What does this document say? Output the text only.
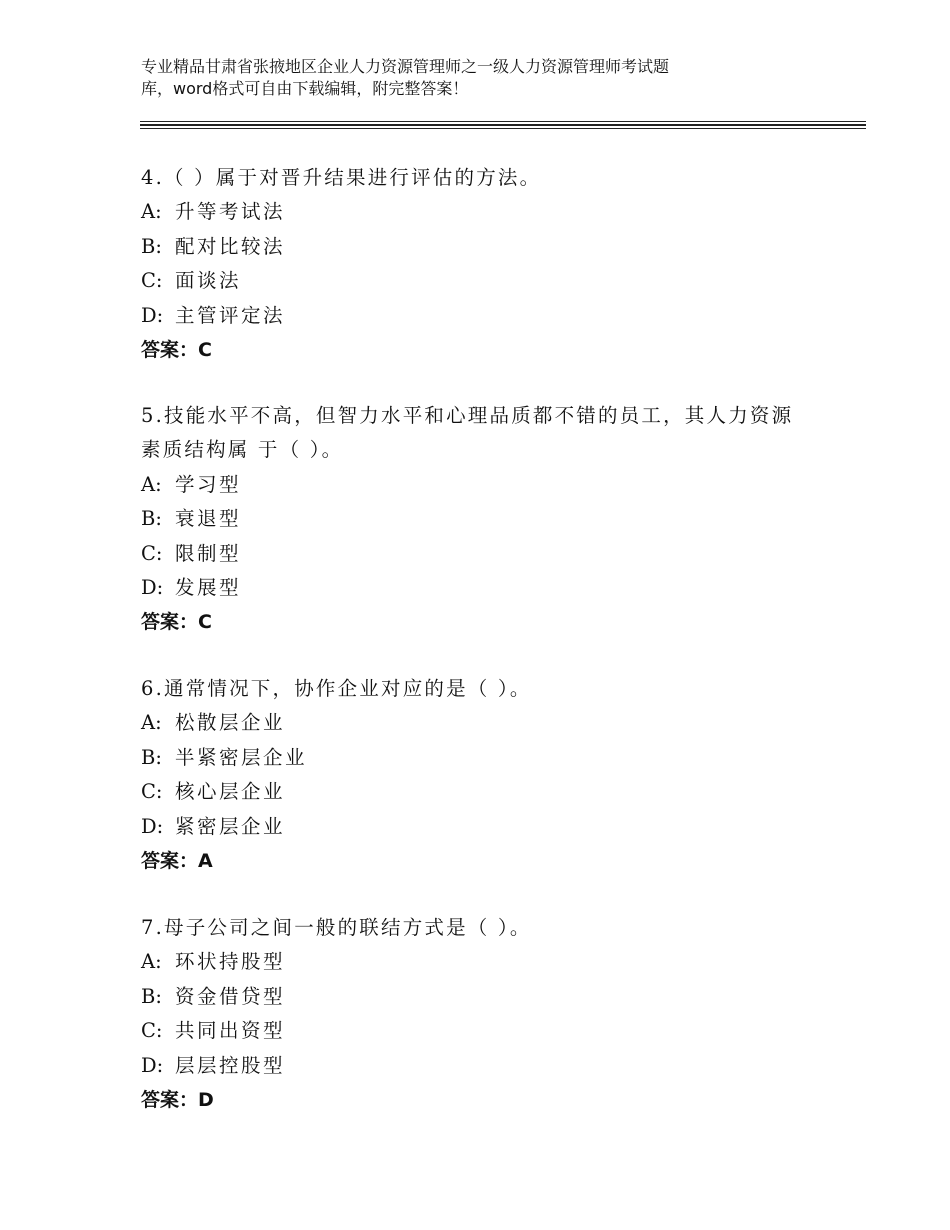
专业精品甘肃省张掖地区企业人力资源管理师之一级人力资源管理师考试题
库，word格式可自由下载编辑，附完整答案！
4.（ ）属于对晋升结果进行评估的方法。
A: 升等考试法
B: 配对比较法
C: 面谈法
D: 主管评定法
答案：C
5.技能水平不高，但智力水平和心理品质都不错的员工，其人力资源
素质结构属 于（ ）。
A: 学习型
B: 衰退型
C: 限制型
D: 发展型
答案：C
6.通常情况下，协作企业对应的是（ ）。
A: 松散层企业
B: 半紧密层企业
C: 核心层企业
D: 紧密层企业
答案：A
7.母子公司之间一般的联结方式是（ ）。
A: 环状持股型
B: 资金借贷型
C: 共同出资型
D: 层层控股型
答案：D
